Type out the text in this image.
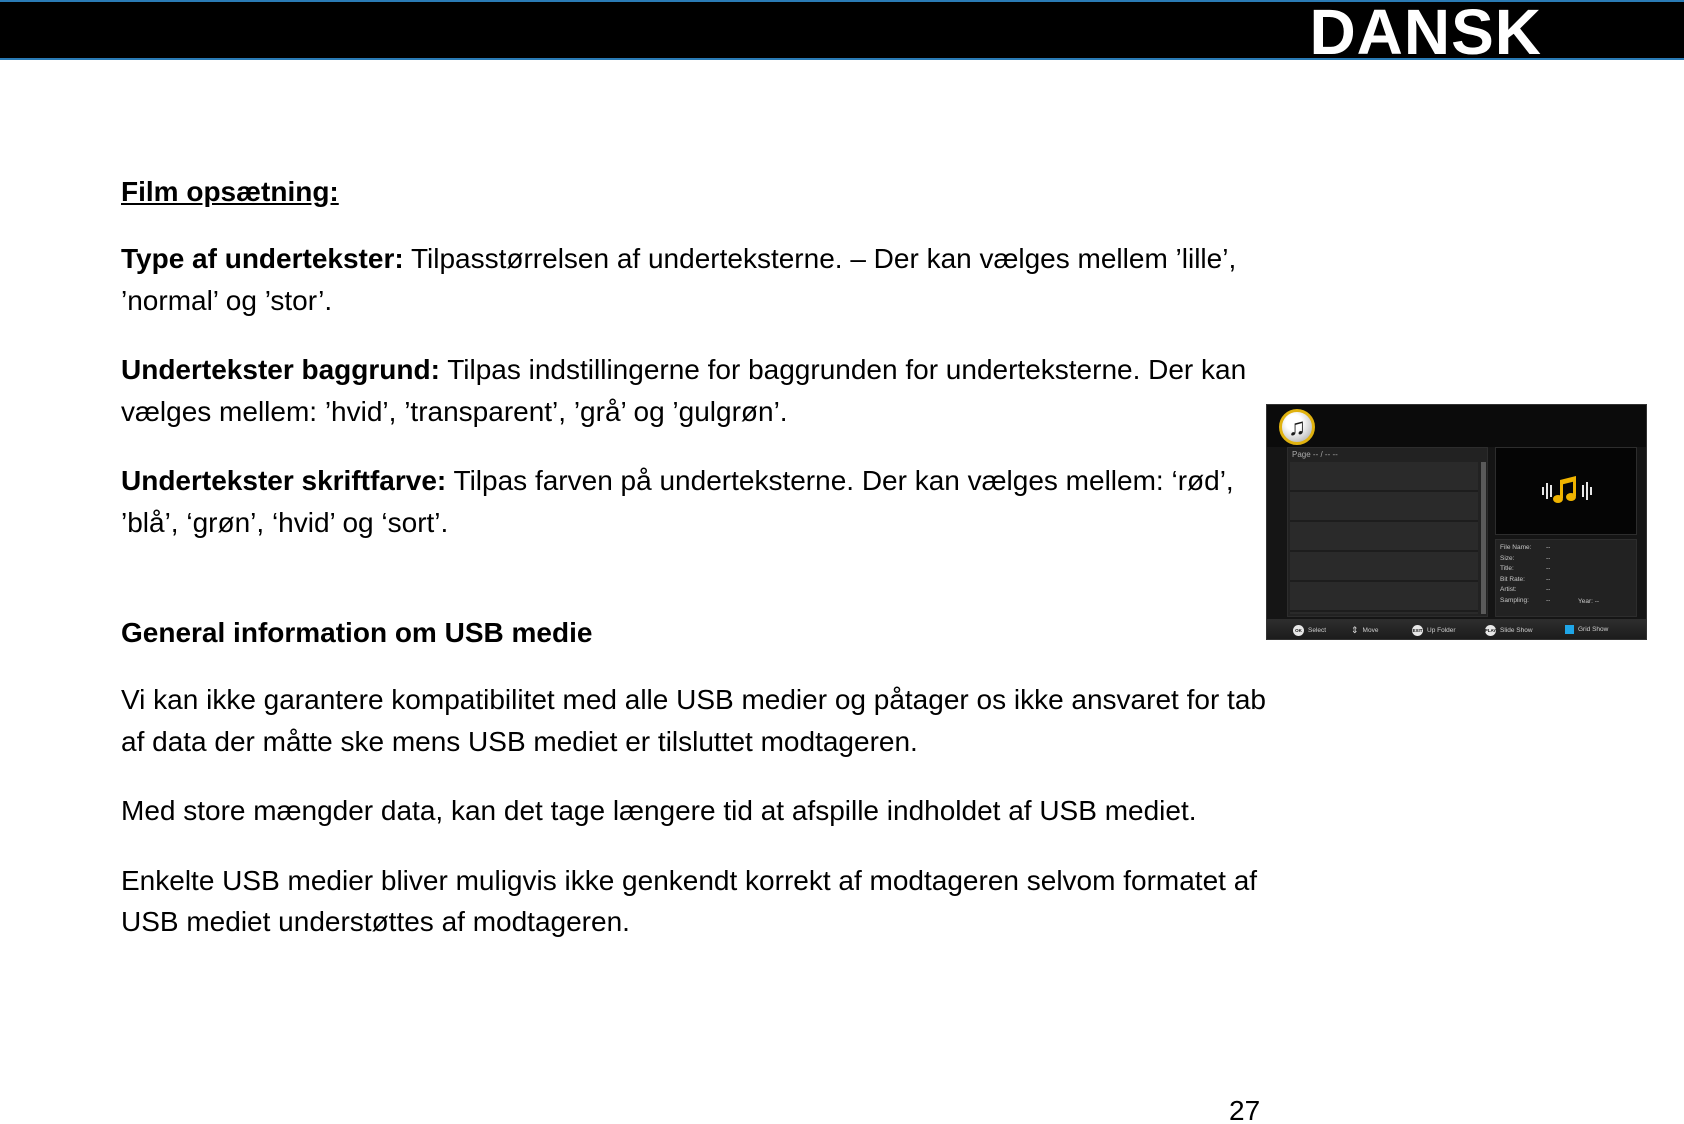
DANSK
Film opsætning:

Type af undertekster: Tilpasstørrelsen af underteksterne. – Der kan vælges mellem ’lille’, ’normal’ og ’stor’.

Undertekster baggrund: Tilpas indstillingerne for baggrunden for underteksterne. Der kan vælges mellem: ’hvid’, ’transparent’, ’grå’ og ’gulgrøn’.

Undertekster skriftfarve: Tilpas farven på underteksterne. Der kan vælges mellem: ‘rød’, ’blå’, ‘grøn’, ‘hvid’ og ‘sort’.

General information om USB medie

Vi kan ikke garantere kompatibilitet med alle USB medier og påtager os ikke ansvaret for tab af data der måtte ske mens USB mediet er tilsluttet modtageren.

Med store mængder data, kan det tage længere tid at afspille indholdet af USB mediet.

Enkelte USB medier bliver muligvis ikke genkendt korrekt af modtageren selvom formatet af USB mediet understøttes af modtageren.

27
♫
Page -- / -- --
File Name:	--
Size:	--
Title:	--
Bit Rate:	--
Artist:	--
Sampling:	--	Year: --
OK Select	⇕ Move	EXIT Up Folder	PLAY Slide Show	Grid Show
